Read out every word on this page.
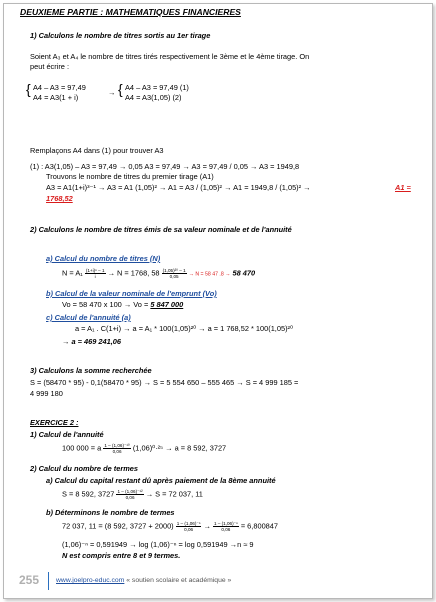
DEUXIEME PARTIE : MATHEMATIQUES FINANCIERES
1) Calculons le nombre de titres sortis au 1er tirage
Soient A₃ et A₄ le nombre de titres tirés respectivement le 3ème et le 4ème tirage. On
peut écrire :
{ A4 – A3 = 97,49
A4 = A3(1 + i)
→ { A4 – A3 = 97,49 (1)
A4 = A3(1,05) (2)
Remplaçons A4 dans (1) pour trouver A3
(1) : A3(1,05) – A3 = 97,49 → 0,05 A3 = 97,49 → A3 = 97,49 / 0,05 → A3 = 1949,8
Trouvons le nombre de titres du premier tirage (A1)
A3 = A1(1+i)³⁻¹ → A3 = A1 (1,05)² → A1 = A3 / (1,05)² → A1 = 1949,8 / (1,05)² →	A1 =
1768,52
2) Calculons le nombre de titres émis de sa valeur nominale et de l'annuité
a) Calcul du nombre de titres (N)
$N = A_1 \frac{\text{(1+i)ⁿ – 1}}{i} \to N = 1768$, $58 \frac{\text{(1,05)²⁰ – 1}}{0,05} \to N = 58$ 47 .8 → 58 470
b) Calcul de la valeur nominale de l'emprunt (Vo)
Vo = 58 470 x 100 → Vo = 5 847 000
c) Calcul de l'annuité (a)
a = A₁ . C(1+i) → a = A₁ * 100(1,05)²⁰ → a = 1 768,52 * 100(1,05)²⁰
→ a = 469 241,06
3) Calculons la somme recherchée
S = (58470 * 95) - 0,1(58470 * 95) → S = 5 554 650 – 555 465 → S = 4 999 185 =
4 999 180
EXERCICE 2 :
1) Calcul de l'annuité
100 000 = a $\frac{\text{1 – (1,06)⁻¹⁰}}{0,06} (1,06)^0\cdot^{25} \to a = 8$ 592, 3727
2) Calcul du nombre de termes
a) Calcul du capital restant dû après paiement de la 8ème annuité
S = 8 592, $3727 \frac{\text{1 – (1,06)⁻¹²}}{0,06} \to S = 72$ 037, 11
b) Déterminons le nombre de termes
72 037, 11 = (8 592, $3727 + 2000) \frac{\text{1 – (1,06)⁻ⁿ}}{0,06} \to \frac{\text{1 – (1,06)⁻ⁿ}}{0,06} = 6,800847$
(1,06)⁻ⁿ = 0,591949 → log (1,06)⁻ⁿ = log 0,591949 →n ≈ 9
N est compris entre 8 et 9 termes.
255 www.joelpro-educ.com « soutien scolaire et académique »
